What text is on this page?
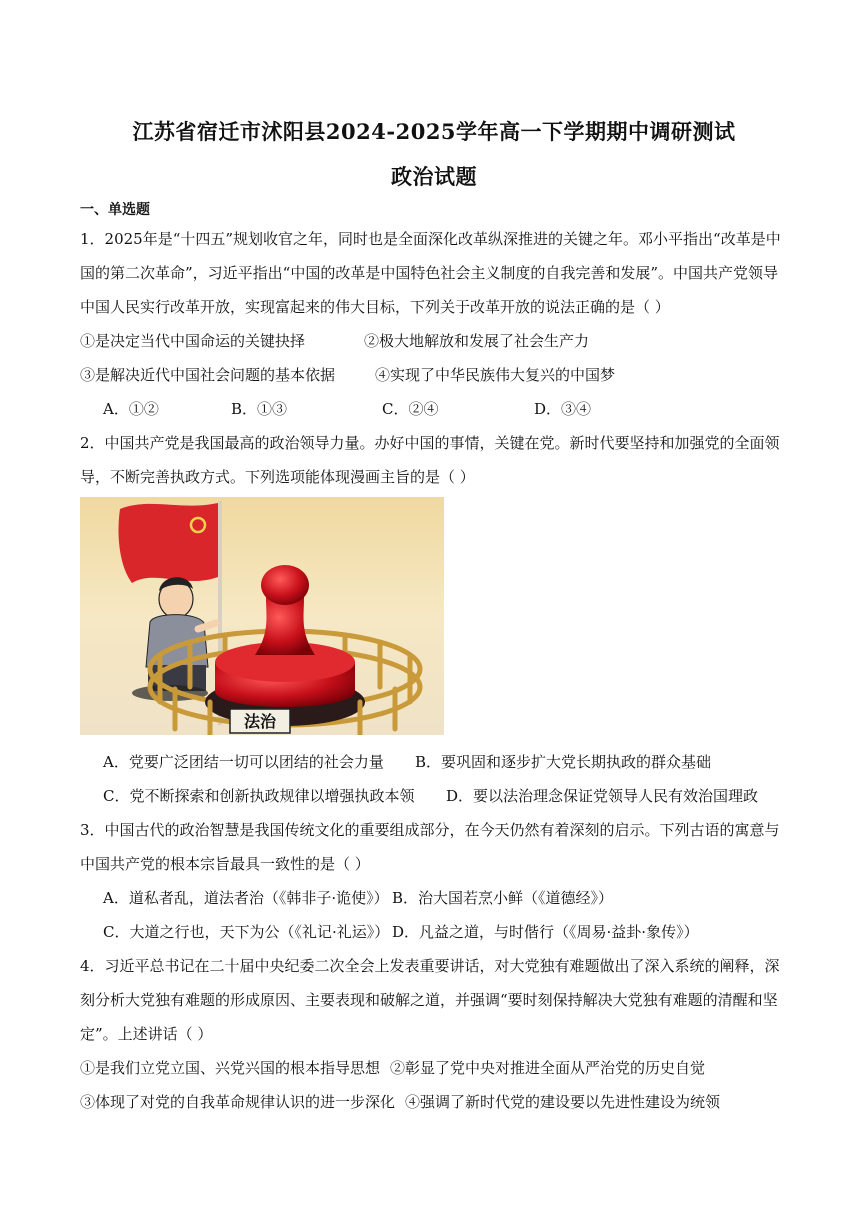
江苏省宿迁市沭阳县2024-2025学年高一下学期期中调研测试
政治试题
一、单选题
1．2025年是“十四五”规划收官之年，同时也是全面深化改革纵深推进的关键之年。邓小平指出“改革是中
国的第二次革命”，习近平指出“中国的改革是中国特色社会主义制度的自我完善和发展”。中国共产党领导
中国人民实行改革开放，实现富起来的伟大目标，下列关于改革开放的说法正确的是（ ）
①是决定当代中国命运的关键抉择	②极大地解放和发展了社会生产力
③是解决近代中国社会问题的基本依据	④实现了中华民族伟大复兴的中国梦
A．①②	B．①③	C．②④	D．③④
2．中国共产党是我国最高的政治领导力量。办好中国的事情，关键在党。新时代要坚持和加强党的全面领
导，不断完善执政方式。下列选项能体现漫画主旨的是（ ）
法治
A．党要广泛团结一切可以团结的社会力量 B．要巩固和逐步扩大党长期执政的群众基础
C．党不断探索和创新执政规律以增强执政本领 D．要以法治理念保证党领导人民有效治国理政
3．中国古代的政治智慧是我国传统文化的重要组成部分，在今天仍然有着深刻的启示。下列古语的寓意与
中国共产党的根本宗旨最具一致性的是（ ）
A．道私者乱，道法者治（《韩非子·诡使》） B．治大国若烹小鲜（《道德经》）
C．大道之行也，天下为公（《礼记·礼运》） D．凡益之道，与时偕行（《周易·益卦·象传》）
4．习近平总书记在二十届中央纪委二次全会上发表重要讲话，对大党独有难题做出了深入系统的阐释，深
刻分析大党独有难题的形成原因、主要表现和破解之道，并强调“要时刻保持解决大党独有难题的清醒和坚
定”。上述讲话（ ）
①是我们立党立国、兴党兴国的根本指导思想 ②彰显了党中央对推进全面从严治党的历史自觉
③体现了对党的自我革命规律认识的进一步深化 ④强调了新时代党的建设要以先进性建设为统领
